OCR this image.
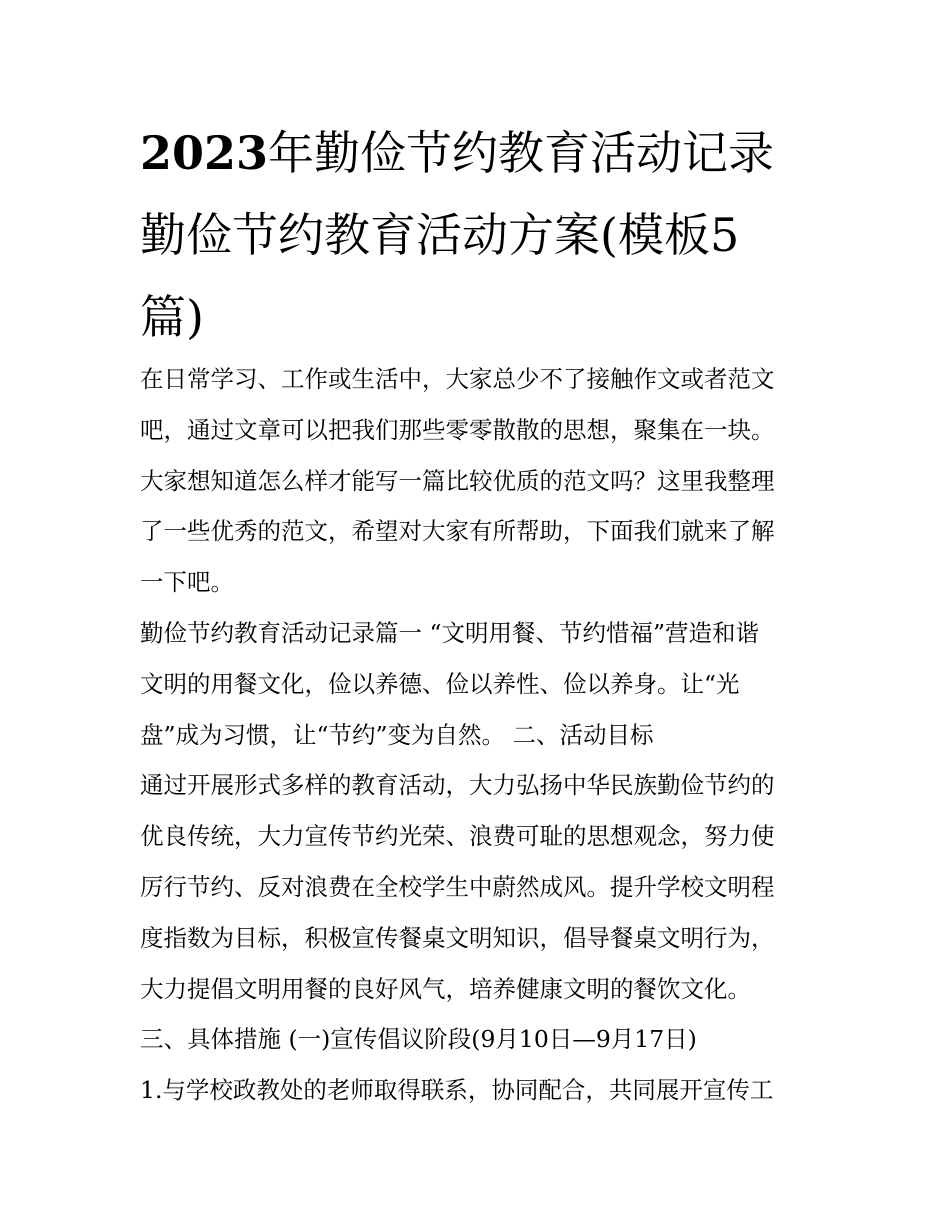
2023年勤俭节约教育活动记录
勤俭节约教育活动方案(模板5
篇)
在日常学习、工作或生活中，大家总少不了接触作文或者范文
吧，通过文章可以把我们那些零零散散的思想，聚集在一块。
大家想知道怎么样才能写一篇比较优质的范文吗？这里我整理
了一些优秀的范文，希望对大家有所帮助，下面我们就来了解
一下吧。
勤俭节约教育活动记录篇一 “文明用餐、节约惜福”营造和谐
文明的用餐文化，俭以养德、俭以养性、俭以养身。让“光
盘”成为习惯，让“节约”变为自然。 二、活动目标
通过开展形式多样的教育活动，大力弘扬中华民族勤俭节约的
优良传统，大力宣传节约光荣、浪费可耻的思想观念，努力使
厉行节约、反对浪费在全校学生中蔚然成风。提升学校文明程
度指数为目标，积极宣传餐桌文明知识，倡导餐桌文明行为，
大力提倡文明用餐的良好风气，培养健康文明的餐饮文化。
三、具体措施 (一)宣传倡议阶段(9月10日—9月17日)
1.与学校政教处的老师取得联系，协同配合，共同展开宣传工
